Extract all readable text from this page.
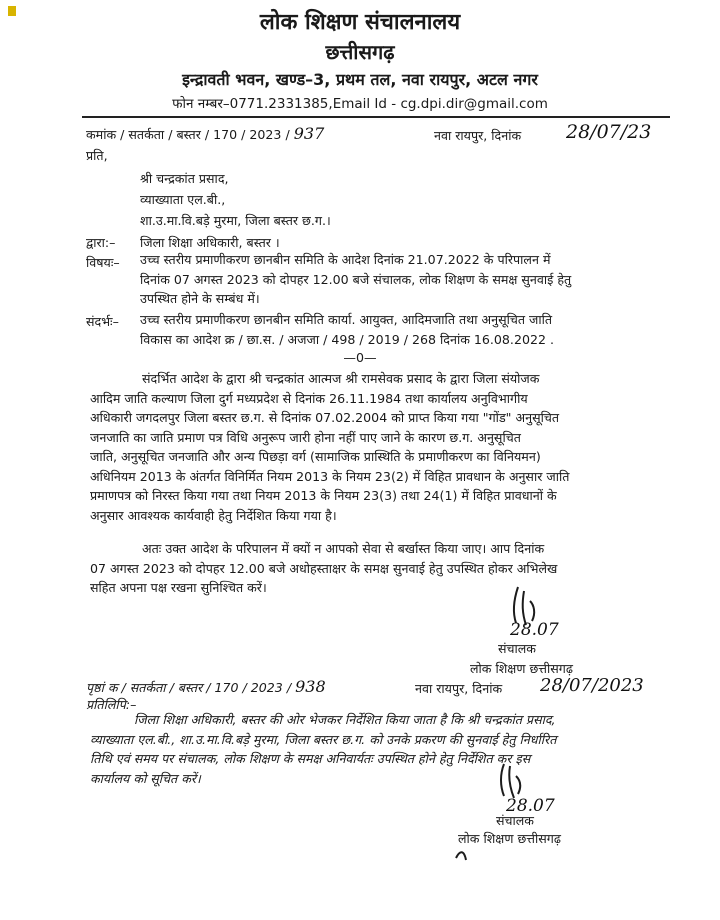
लोक शिक्षण संचालनालय
छत्तीसगढ़
इन्द्रावती भवन, खण्ड–3, प्रथम तल, नवा रायपुर, अटल नगर
फोन नम्बर–0771.2331385,Email Id - cg.dpi.dir@gmail.com
कमांक / सतर्कता / बस्तर / 170 / 2023 / 937	नवा रायपुर, दिनांक 28/07/23
प्रति,
श्री चन्द्रकांत प्रसाद,
व्याख्याता एल.बी.,
शा.उ.मा.वि.बड़े मुरमा, जिला बस्तर छ.ग.।
द्वारा:– जिला शिक्षा अधिकारी, बस्तर ।
विषयः– उच्च स्तरीय प्रमाणीकरण छानबीन समिति के आदेश दिनांक 21.07.2022 के परिपालन में
दिनांक 07 अगस्त 2023 को दोपहर 12.00 बजे संचालक, लोक शिक्षण के समक्ष सुनवाई हेतु
उपस्थित होने के सम्बंध में।
संदर्भः– उच्च स्तरीय प्रमाणीकरण छानबीन समिति कार्या. आयुक्त, आदिमजाति तथा अनुसूचित जाति
विकास का आदेश क्र / छा.स. / अजजा / 498 / 2019 / 268 दिनांक 16.08.2022 .
—0—
संदर्भित आदेश के द्वारा श्री चन्द्रकांत आत्मज श्री रामसेवक प्रसाद के द्वारा जिला संयोजक
आदिम जाति कल्याण जिला दुर्ग मध्यप्रदेश से दिनांक 26.11.1984 तथा कार्यालय अनुविभागीय
अधिकारी जगदलपुर जिला बस्तर छ.ग. से दिनांक 07.02.2004 को प्राप्त किया गया "गोंड" अनुसूचित
जनजाति का जाति प्रमाण पत्र विधि अनुरूप जारी होना नहीं पाए जाने के कारण छ.ग. अनुसूचित
जाति, अनुसूचित जनजाति और अन्य पिछड़ा वर्ग (सामाजिक प्रास्थिति के प्रमाणीकरण का विनियमन)
अधिनियम 2013 के अंतर्गत विनिर्मित नियम 2013 के नियम 23(2) में विहित प्रावधान के अनुसार जाति
प्रमाणपत्र को निरस्त किया गया तथा नियम 2013 के नियम 23(3) तथा 24(1) में विहित प्रावधानों के
अनुसार आवश्यक कार्यवाही हेतु निर्देशित किया गया है।
अतः उक्त आदेश के परिपालन में क्यों न आपको सेवा से बर्खास्त किया जाए। आप दिनांक
07 अगस्त 2023 को दोपहर 12.00 बजे अधोहस्ताक्षर के समक्ष सुनवाई हेतु उपस्थित होकर अभिलेख
सहित अपना पक्ष रखना सुनिश्चित करें।
28.07
संचालक
लोक शिक्षण छत्तीसगढ़
पृष्ठां क / सतर्कता / बस्तर / 170 / 2023 / 938	नवा रायपुर, दिनांक 28/07/2023
प्रतिलिपि:–
जिला शिक्षा अधिकारी, बस्तर की ओर भेजकर निर्देशित किया जाता है कि श्री चन्द्रकांत प्रसाद,
व्याख्याता एल.बी., शा.उ.मा.वि.बड़े मुरमा, जिला बस्तर छ.ग. को उनके प्रकरण की सुनवाई हेतु निर्धारित
तिथि एवं समय पर संचालक, लोक शिक्षण के समक्ष अनिवार्यतः उपस्थित होने हेतु निर्देशित कर इस
कार्यालय को सूचित करें।
28.07
संचालक
लोक शिक्षण छत्तीसगढ़
